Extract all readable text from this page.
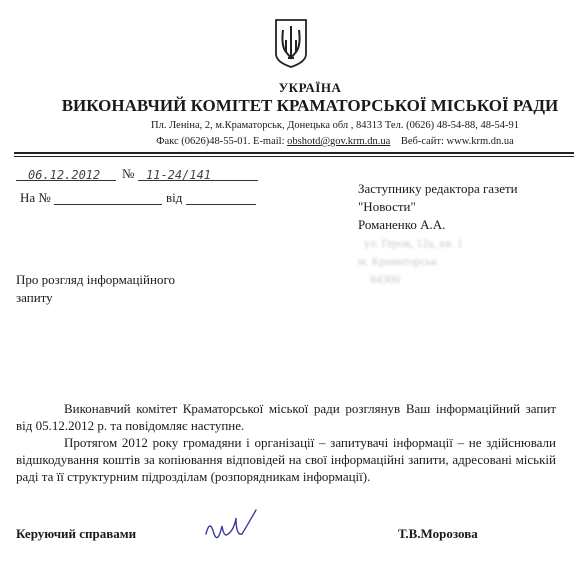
УКРАЇНА
ВИКОНАВЧИЙ КОМІТЕТ КРАМАТОРСЬКОЇ МІСЬКОЇ РАДИ
Пл. Леніна, 2, м.Краматорськ, Донецька обл , 84313 Тел. (0626) 48-54-88, 48-54-91
Факс (0626)48-55-01. E-mail: obshotd@gov.krm.dn.ua Веб-сайт: www.krm.dn.ua
06.12.2012	№ 11-24/141
На №	від
Заступнику редактора газети
"Новости"
Романенко А.А.
ул. Героя, 12а, кв. 1
м. Краматорськ
84300
Про розгляд інформаційного
запиту

Виконавчий комітет Краматорської міської ради розглянув Ваш інформаційний запит від 05.12.2012 р. та повідомляє наступне.

Протягом 2012 року громадяни і організації – запитувачі інформації – не здійснювали відшкодування коштів за копіювання відповідей на свої інформаційні запити, адресовані міській раді та її структурним підрозділам (розпорядникам інформації).

Керуючий справами	Т.В.Морозова
